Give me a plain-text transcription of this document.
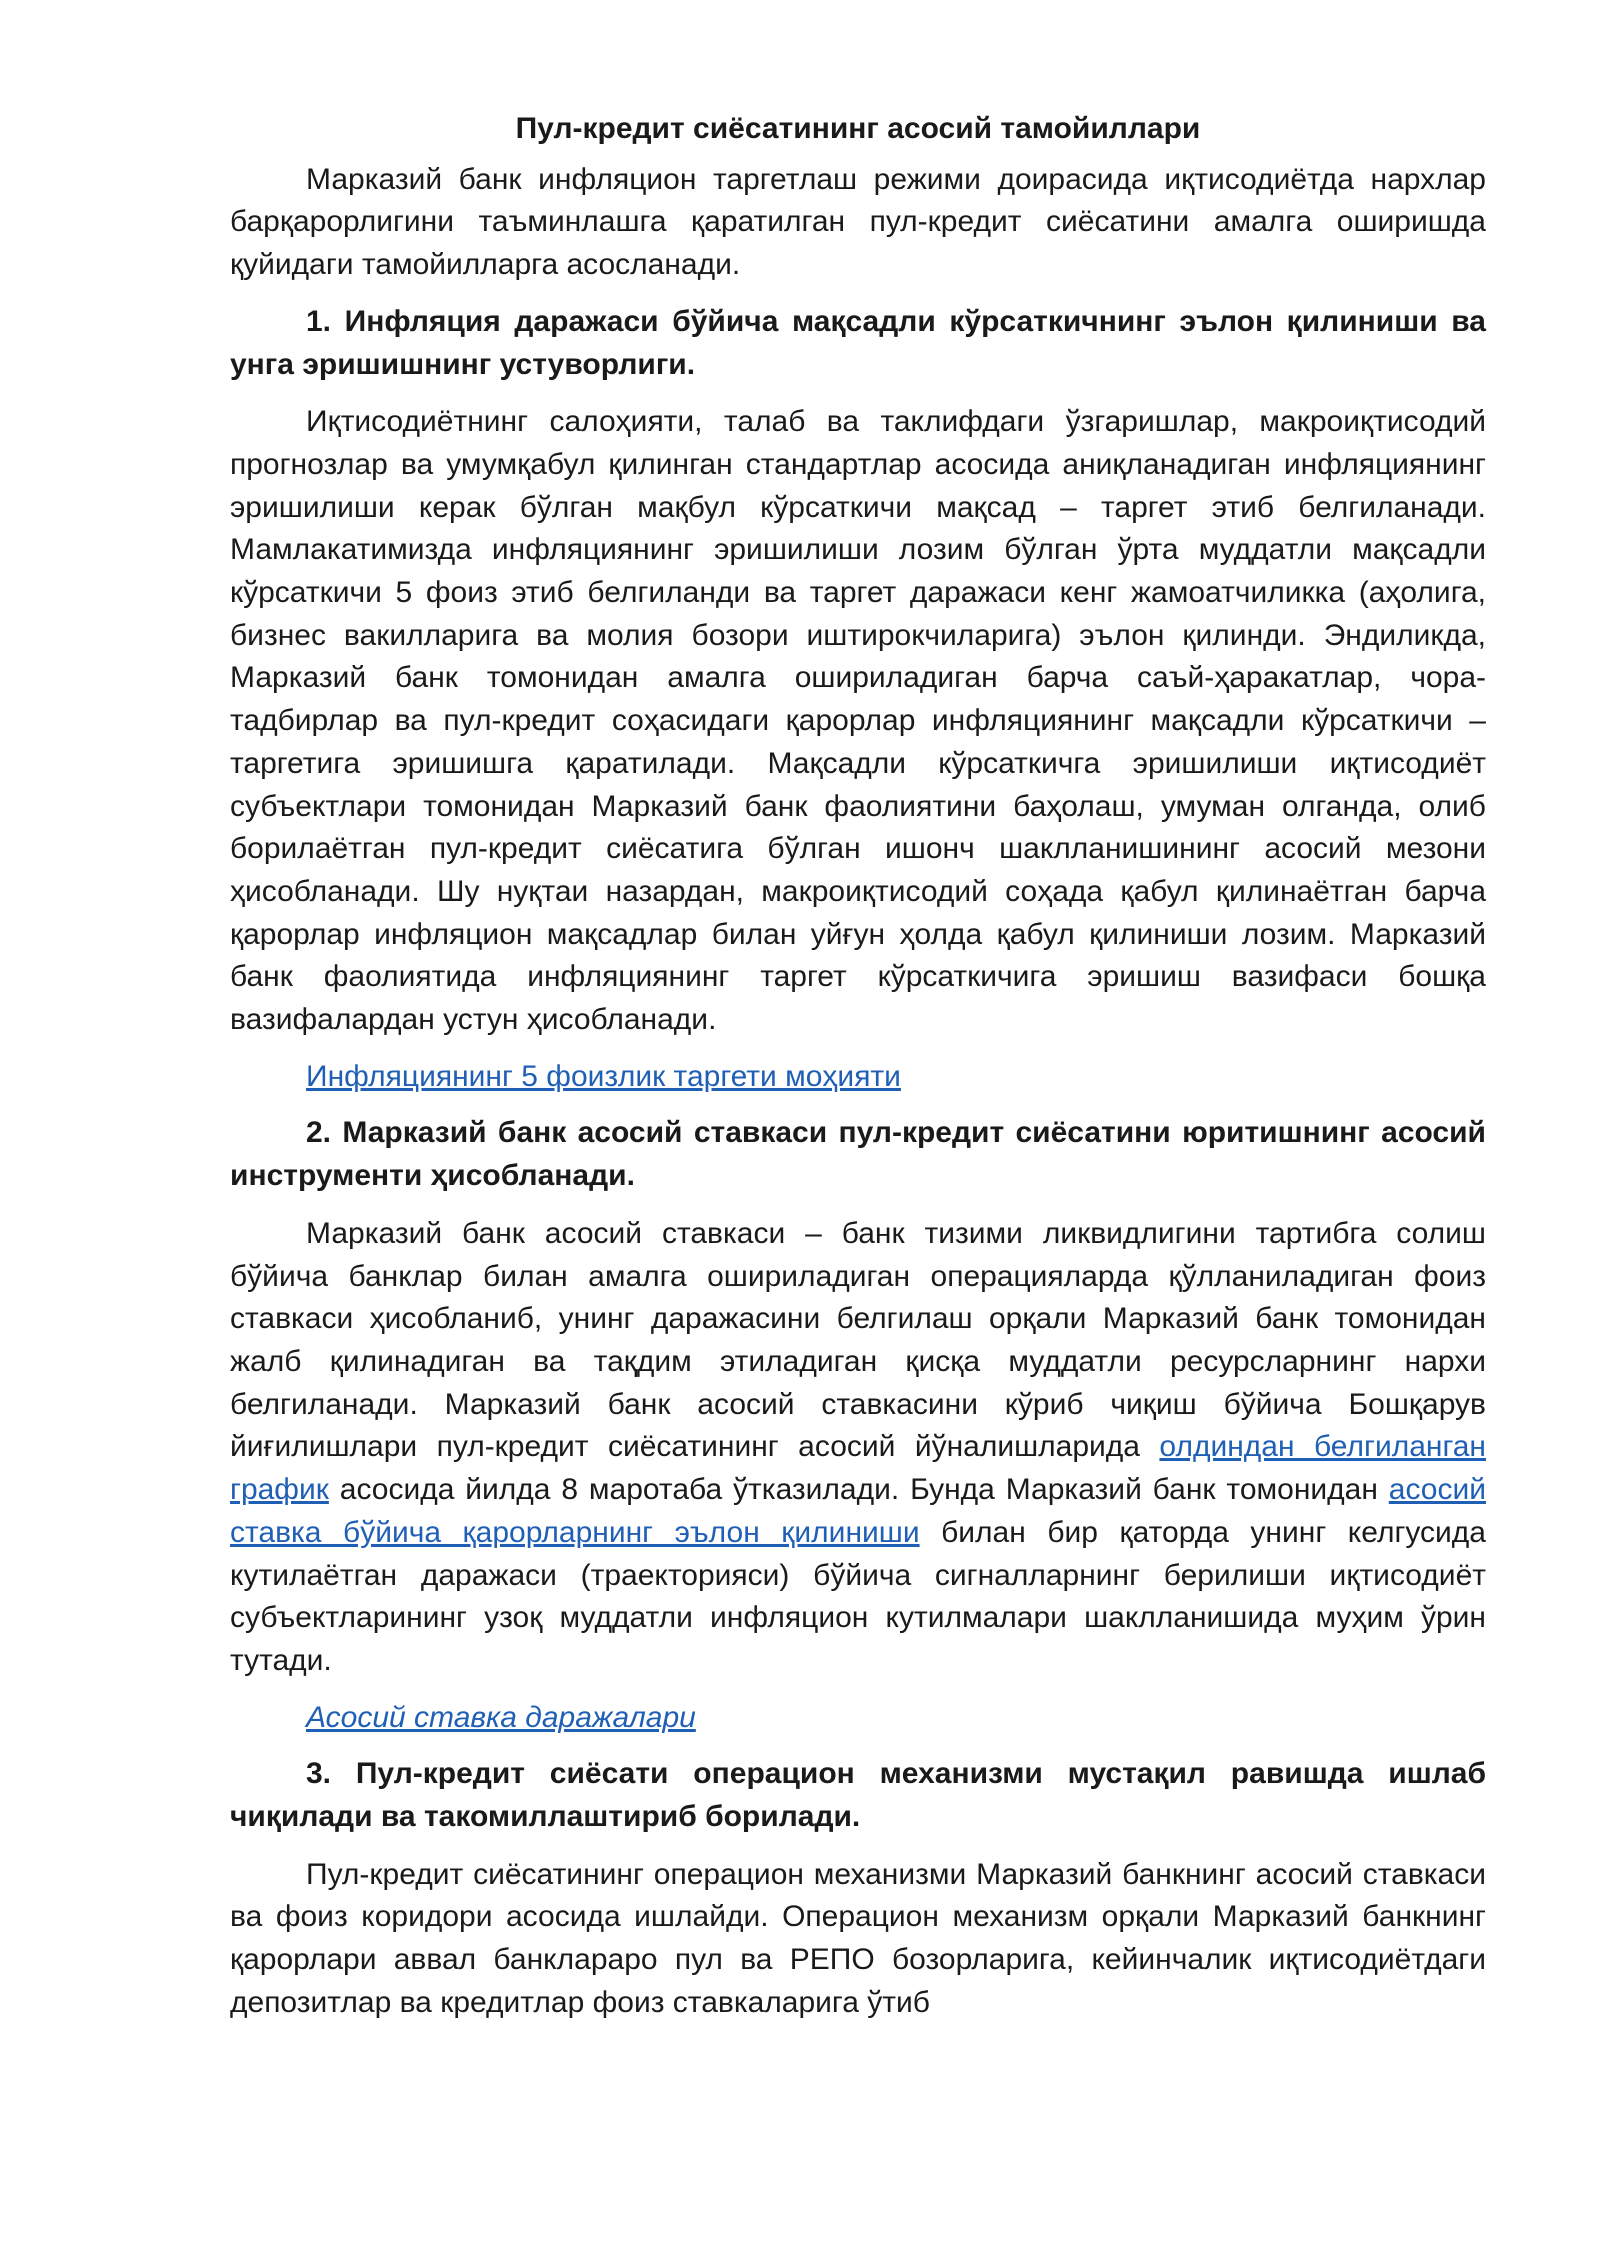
Пул-кредит сиёсатининг асосий тамойиллари

Марказий банк инфляцион таргетлаш режими доирасида иқтисодиётда нархлар барқарорлигини таъминлашга қаратилган пул-кредит сиёсатини амалга оширишда қуйидаги тамойилларга асосланади.

1. Инфляция даражаси бўйича мақсадли кўрсаткичнинг эълон қилиниши ва унга эришишнинг устуворлиги.

Иқтисодиётнинг салоҳияти, талаб ва таклифдаги ўзгаришлар, макроиқтисодий прогнозлар ва умумқабул қилинган стандартлар асосида аниқланадиган инфляциянинг эришилиши керак бўлган мақбул кўрсаткичи мақсад – таргет этиб белгиланади. Мамлакатимизда инфляциянинг эришилиши лозим бўлган ўрта муддатли мақсадли кўрсаткичи 5 фоиз этиб белгиланди ва таргет даражаси кенг жамоатчиликка (аҳолига, бизнес вакилларига ва молия бозори иштирокчиларига) эълон қилинди. Эндиликда, Марказий банк томонидан амалга ошириладиган барча саъй-ҳаракатлар, чора-тадбирлар ва пул-кредит соҳасидаги қарорлар инфляциянинг мақсадли кўрсаткичи – таргетига эришишга қаратилади. Мақсадли кўрсаткичга эришилиши иқтисодиёт субъектлари томонидан Марказий банк фаолиятини баҳолаш, умуман олганда, олиб борилаётган пул-кредит сиёсатига бўлган ишонч шаклланишининг асосий мезони ҳисобланади. Шу нуқтаи назардан, макроиқтисодий соҳада қабул қилинаётган барча қарорлар инфляцион мақсадлар билан уйғун ҳолда қабул қилиниши лозим. Марказий банк фаолиятида инфляциянинг таргет кўрсаткичига эришиш вазифаси бошқа вазифалардан устун ҳисобланади.

Инфляциянинг 5 фоизлик таргети моҳияти

2. Марказий банк асосий ставкаси пул-кредит сиёсатини юритишнинг асосий инструменти ҳисобланади.

Марказий банк асосий ставкаси – банк тизими ликвидлигини тартибга солиш бўйича банклар билан амалга ошириладиган операцияларда қўлланиладиган фоиз ставкаси ҳисобланиб, унинг даражасини белгилаш орқали Марказий банк томонидан жалб қилинадиган ва тақдим этиладиган қисқа муддатли ресурсларнинг нархи белгиланади. Марказий банк асосий ставкасини кўриб чиқиш бўйича Бошқарув йиғилишлари пул-кредит сиёсатининг асосий йўналишларида олдиндан белгиланган график асосида йилда 8 маротаба ўтказилади. Бунда Марказий банк томонидан асосий ставка бўйича қарорларнинг эълон қилиниши билан бир қаторда унинг келгусида кутилаётган даражаси (траекторияси) бўйича сигналларнинг берилиши иқтисодиёт субъектларининг узоқ муддатли инфляцион кутилмалари шаклланишида муҳим ўрин тутади.

Асосий ставка даражалари

3. Пул-кредит сиёсати операцион механизми мустақил равишда ишлаб чиқилади ва такомиллаштириб борилади.

Пул-кредит сиёсатининг операцион механизми Марказий банкнинг асосий ставкаси ва фоиз коридори асосида ишлайди. Операцион механизм орқали Марказий банкнинг қарорлари аввал банклараро пул ва РЕПО бозорларига, кейинчалик иқтисодиётдаги депозитлар ва кредитлар фоиз ставкаларига ўтиб
